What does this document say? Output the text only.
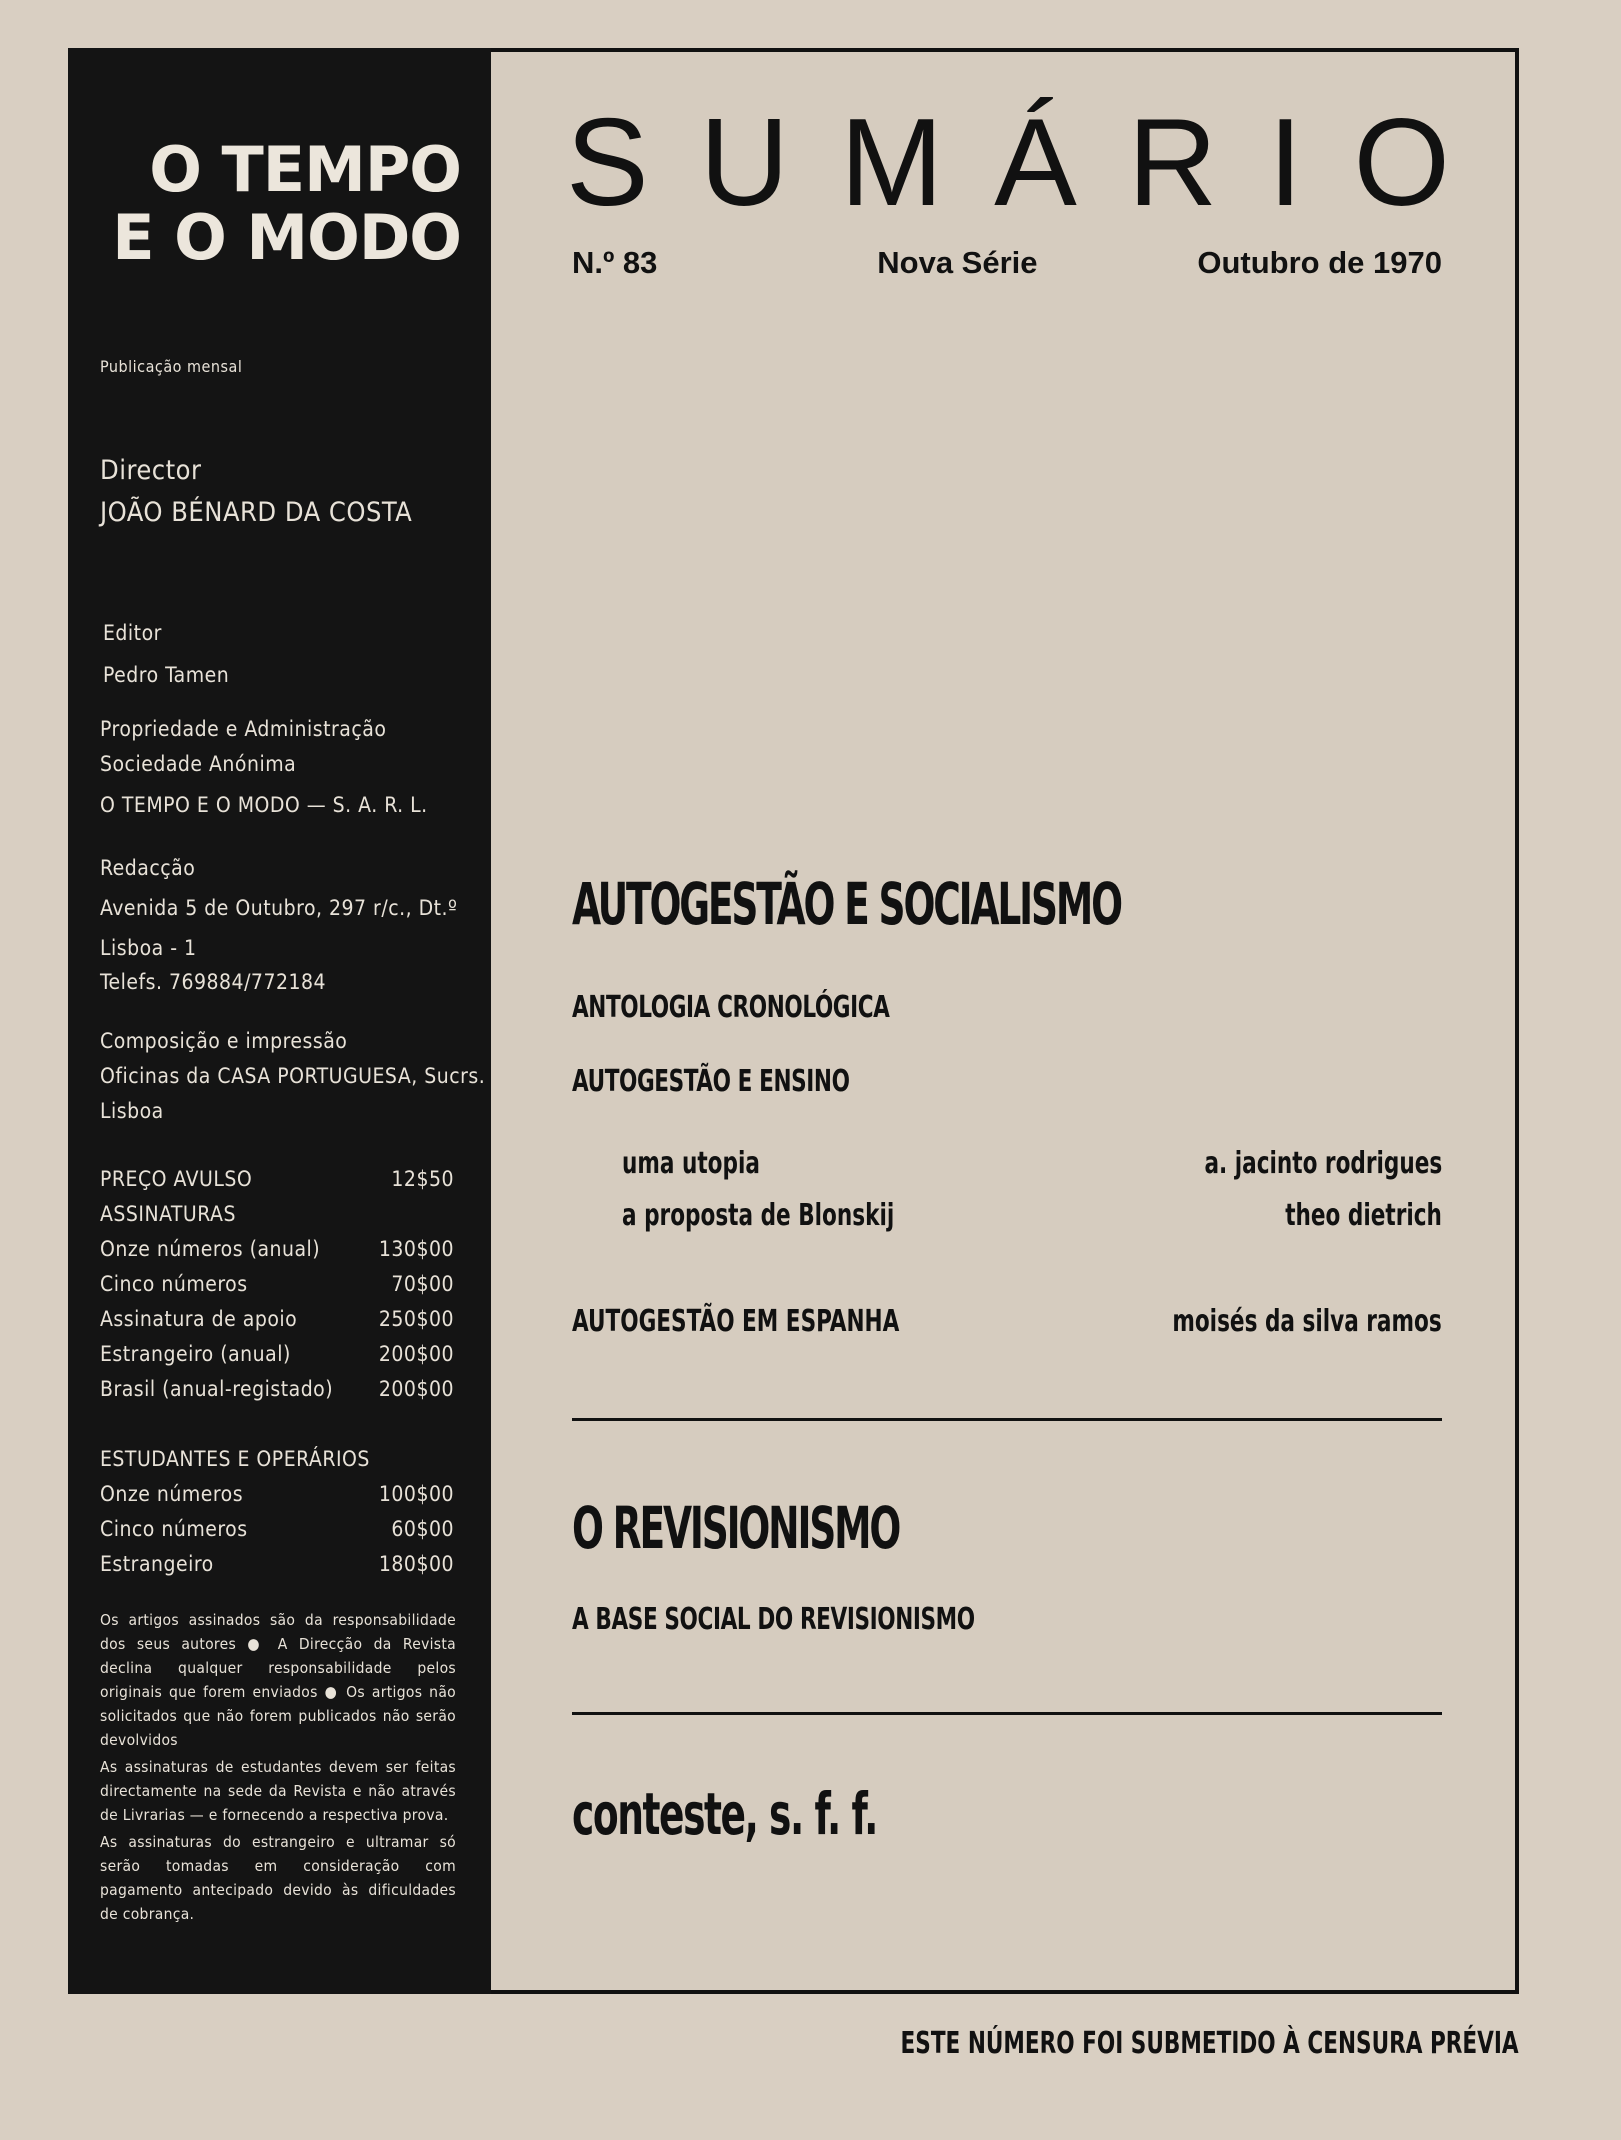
O TEMPO
E O MODO
Publicação mensal
Director
JOÃO BÉNARD DA COSTA
Editor
Pedro Tamen
Propriedade e Administração
Sociedade Anónima
O TEMPO E O MODO — S. A. R. L.
Redacção
Avenida 5 de Outubro, 297 r/c., Dt.º
Lisboa - 1
Telefs. 769884/772184
Composição e impressão
Oficinas da CASA PORTUGUESA, Sucrs.
Lisboa
PREÇO AVULSO	12$50
ASSINATURAS
Onze números (anual)	130$00
Cinco números	70$00
Assinatura de apoio	250$00
Estrangeiro (anual)	200$00
Brasil (anual-registado) 200$00
ESTUDANTES E OPERÁRIOS
Onze números	100$00
Cinco números	60$00
Estrangeiro	180$00

Os artigos assinados são da responsabilidade dos seus autores ● A Direcção da Revista declina qualquer responsabilidade pelos originais que forem enviados ● Os artigos não solicitados que não forem publicados não serão devolvidos

As assinaturas de estudantes devem ser feitas directamente na sede da Revista e não através de Livrarias — e fornecendo a respectiva prova.

As assinaturas do estrangeiro e ultramar só serão tomadas em consideração com pagamento antecipado devido às dificuldades de cobrança.

S U M Á R I O
N.º 83	Nova Série	Outubro de 1970
AUTOGESTÃO E SOCIALISMO
ANTOLOGIA CRONOLÓGICA
AUTOGESTÃO E ENSINO
uma utopia	a. jacinto rodrigues
a proposta de Blonskij	theo dietrich
AUTOGESTÃO EM ESPANHA	moisés da silva ramos
O REVISIONISMO
A BASE SOCIAL DO REVISIONISMO
conteste, s. f. f.
ESTE NÚMERO FOI SUBMETIDO À CENSURA PRÉVIA
